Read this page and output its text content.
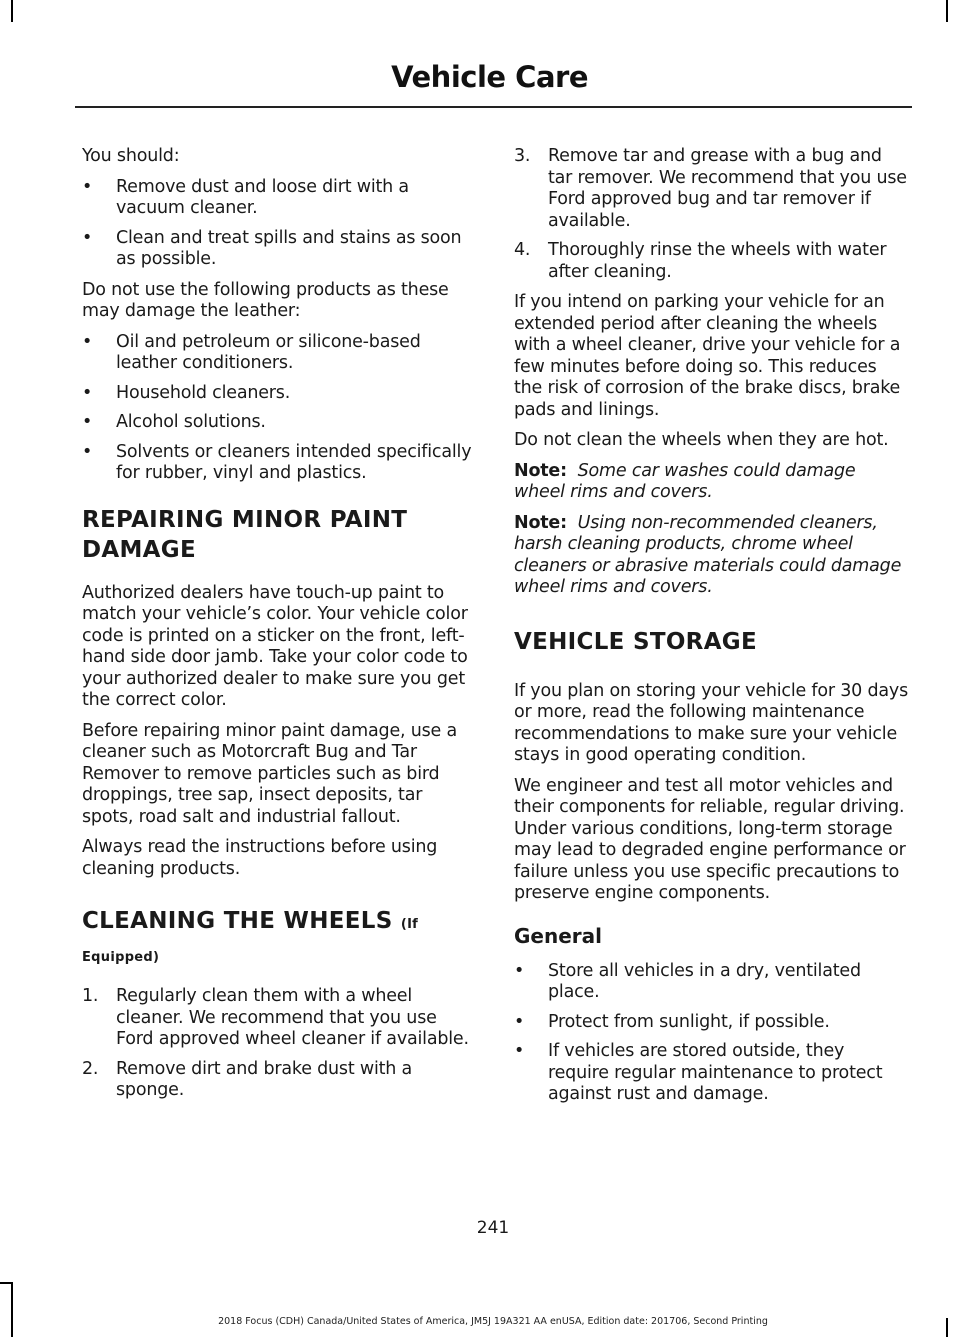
Vehicle Care

You should:

• Remove dust and loose dirt with a vacuum cleaner.
• Clean and treat spills and stains as soon as possible.

Do not use the following products as these may damage the leather:

• Oil and petroleum or silicone-based leather conditioners.
• Household cleaners.
• Alcohol solutions.
• Solvents or cleaners intended specifically for rubber, vinyl and plastics.
REPAIRING MINOR PAINT
DAMAGE

Authorized dealers have touch-up paint to match your vehicle’s color. Your vehicle color code is printed on a sticker on the front, left-hand side door jamb. Take your color code to your authorized dealer to make sure you get the correct color.

Before repairing minor paint damage, use a cleaner such as Motorcraft Bug and Tar Remover to remove particles such as bird droppings, tree sap, insect deposits, tar spots, road salt and industrial fallout.

Always read the instructions before using cleaning products.

CLEANING THE WHEELS (If
Equipped)
1. Regularly clean them with a wheel cleaner. We recommend that you use Ford approved wheel cleaner if available.
2. Remove dirt and brake dust with a sponge.
3. Remove tar and grease with a bug and tar remover. We recommend that you use Ford approved bug and tar remover if available.
4. Thoroughly rinse the wheels with water after cleaning.

If you intend on parking your vehicle for an extended period after cleaning the wheels with a wheel cleaner, drive your vehicle for a few minutes before doing so. This reduces the risk of corrosion of the brake discs, brake pads and linings.

Do not clean the wheels when they are hot.

Note: Some car washes could damage wheel rims and covers.

Note: Using non-recommended cleaners, harsh cleaning products, chrome wheel cleaners or abrasive materials could damage wheel rims and covers.

VEHICLE STORAGE

If you plan on storing your vehicle for 30 days or more, read the following maintenance recommendations to make sure your vehicle stays in good operating condition.

We engineer and test all motor vehicles and their components for reliable, regular driving. Under various conditions, long-term storage may lead to degraded engine performance or failure unless you use specific precautions to preserve engine components.

General
• Store all vehicles in a dry, ventilated place.
• Protect from sunlight, if possible.
• If vehicles are stored outside, they require regular maintenance to protect against rust and damage.
241
2018 Focus (CDH) Canada/United States of America, JM5J 19A321 AA enUSA, Edition date: 201706, Second Printing
